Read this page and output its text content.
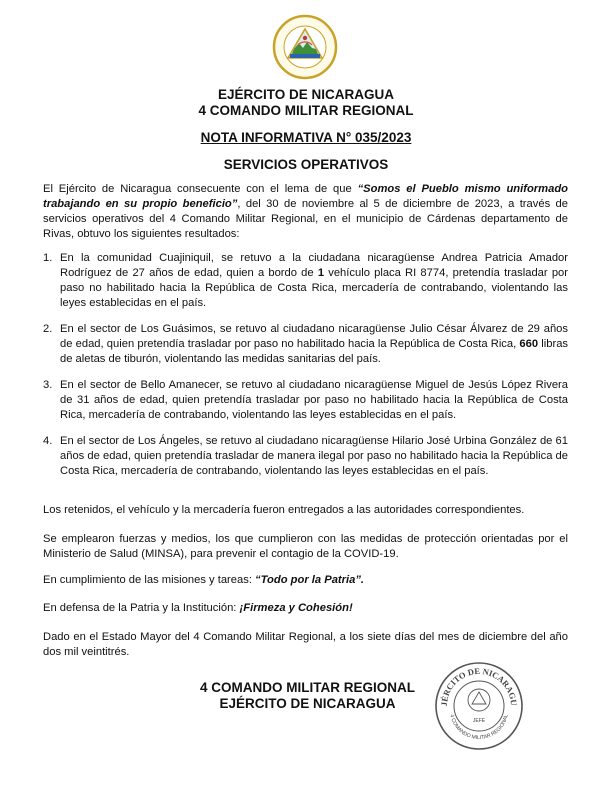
EJÉRCITO DE NICARAGUA
4 COMANDO MILITAR REGIONAL
NOTA INFORMATIVA N° 035/2023
SERVICIOS OPERATIVOS
El Ejército de Nicaragua consecuente con el lema de que “Somos el Pueblo mismo uniformado trabajando en su propio beneficio”, del 30 de noviembre al 5 de diciembre de 2023, a través de servicios operativos del 4 Comando Militar Regional, en el municipio de Cárdenas departamento de Rivas, obtuvo los siguientes resultados:
1. En la comunidad Cuajiniquil, se retuvo a la ciudadana nicaragüense Andrea Patricia Amador Rodríguez de 27 años de edad, quien a bordo de 1 vehículo placa RI 8774, pretendía trasladar por paso no habilitado hacia la República de Costa Rica, mercadería de contrabando, violentando las leyes establecidas en el país.
2. En el sector de Los Guásimos, se retuvo al ciudadano nicaragüense Julio César Álvarez de 29 años de edad, quien pretendía trasladar por paso no habilitado hacia la República de Costa Rica, 660 libras de aletas de tiburón, violentando las medidas sanitarias del país.
3. En el sector de Bello Amanecer, se retuvo al ciudadano nicaragüense Miguel de Jesús López Rivera de 31 años de edad, quien pretendía trasladar por paso no habilitado hacia la República de Costa Rica, mercadería de contrabando, violentando las leyes establecidas en el país.
4. En el sector de Los Ángeles, se retuvo al ciudadano nicaragüense Hilario José Urbina González de 61 años de edad, quien pretendía trasladar de manera ilegal por paso no habilitado hacia la República de Costa Rica, mercadería de contrabando, violentando las leyes establecidas en el país.
Los retenidos, el vehículo y la mercadería fueron entregados a las autoridades correspondientes.
Se emplearon fuerzas y medios, los que cumplieron con las medidas de protección orientadas por el Ministerio de Salud (MINSA), para prevenir el contagio de la COVID-19.
En cumplimiento de las misiones y tareas: “Todo por la Patria”.
En defensa de la Patria y la Institución: ¡Firmeza y Cohesión!
Dado en el Estado Mayor del 4 Comando Militar Regional, a los siete días del mes de diciembre del año dos mil veintitrés.
4 COMANDO MILITAR REGIONAL
EJÉRCITO DE NICARAGUA	JÉRCITO DE NICARAGU
4 COMANDO MILITAR REGIONAL
JEFE
